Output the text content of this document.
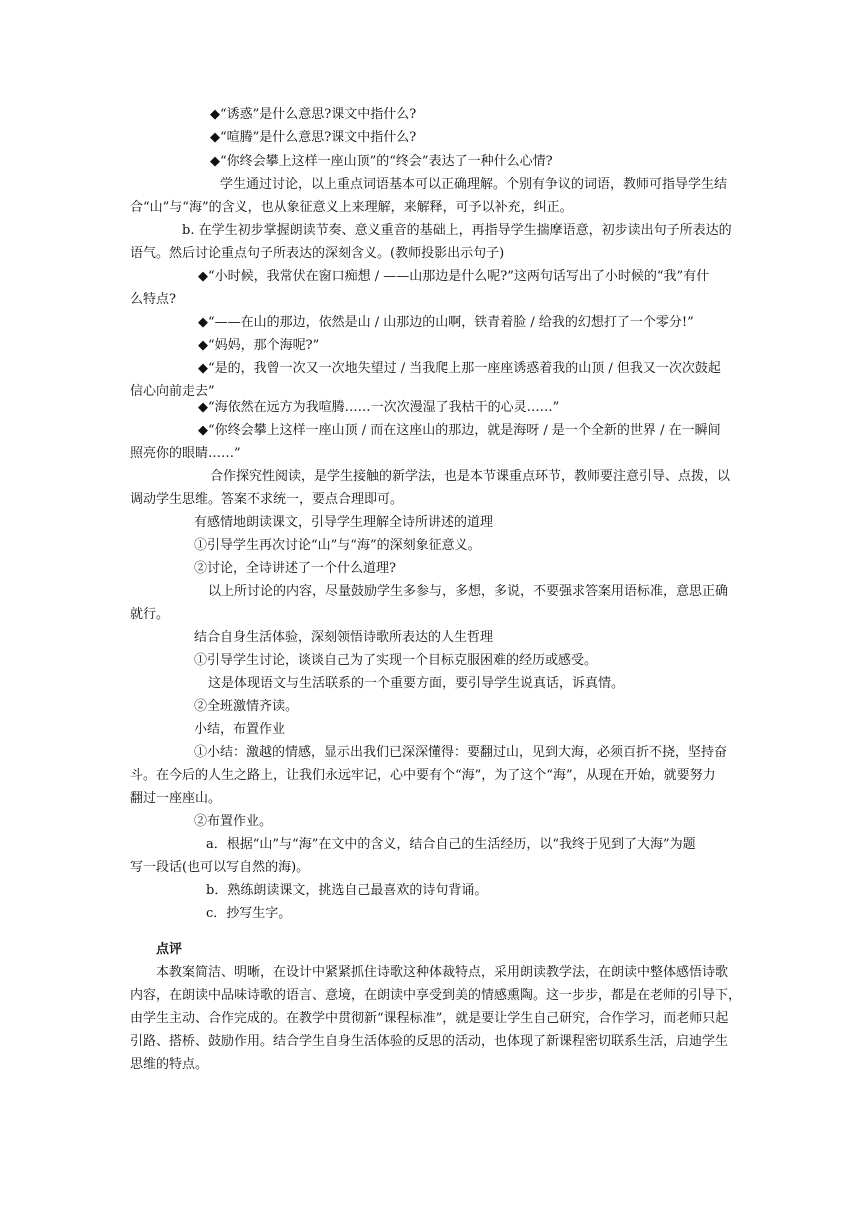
◆“诱惑”是什么意思?课文中指什么?
◆“喧腾”是什么意思?课文中指什么?
◆“你终会攀上这样一座山顶”的“终会”表达了一种什么心情?
学生通过讨论，以上重点词语基本可以正确理解。个别有争议的词语，教师可指导学生结
合“山”与“海”的含义，也从象征意义上来理解，来解释，可予以补充，纠正。
b. 在学生初步掌握朗读节奏、意义重音的基础上，再指导学生揣摩语意，初步读出句子所表达的
语气。然后讨论重点句子所表达的深刻含义。(教师投影出示句子)
◆“小时候，我常伏在窗口痴想 / ——山那边是什么呢?”这两句话写出了小时候的“我”有什
么特点?
◆“——在山的那边，依然是山 / 山那边的山啊，铁青着脸 / 给我的幻想打了一个零分!”
◆“妈妈，那个海呢?”
◆“是的，我曾一次又一次地失望过 / 当我爬上那一座座诱惑着我的山顶 / 但我又一次次鼓起
信心向前走去”
◆“海依然在远方为我喧腾……一次次漫湿了我枯干的心灵……”
◆“你终会攀上这样一座山顶 / 而在这座山的那边，就是海呀 / 是一个全新的世界 / 在一瞬间
照亮你的眼睛……”
合作探究性阅读，是学生接触的新学法，也是本节课重点环节，教师要注意引导、点拨，以
调动学生思维。答案不求统一，要点合理即可。
有感情地朗读课文，引导学生理解全诗所讲述的道理
①引导学生再次讨论“山”与“海”的深刻象征意义。
②讨论，全诗讲述了一个什么道理?
以上所讨论的内容，尽量鼓励学生多参与，多想，多说，不要强求答案用语标准，意思正确
就行。
结合自身生活体验，深刻领悟诗歌所表达的人生哲理
①引导学生讨论，谈谈自己为了实现一个目标克服困难的经历或感受。
这是体现语文与生活联系的一个重要方面，要引导学生说真话，诉真情。
②全班激情齐读。
小结，布置作业
①小结：激越的情感，显示出我们已深深懂得：要翻过山，见到大海，必须百折不挠，坚持奋
斗。在今后的人生之路上，让我们永远牢记，心中要有个“海”，为了这个“海”，从现在开始，就要努力
翻过一座座山。
②布置作业。
a．根据“山”与“海”在文中的含义，结合自己的生活经历，以“我终于见到了大海”为题
写一段话(也可以写自然的海)。
b．熟练朗读课文，挑选自己最喜欢的诗句背诵。
c．抄写生字。
点评
本教案简洁、明晰，在设计中紧紧抓住诗歌这种体裁特点，采用朗读教学法，在朗读中整体感悟诗歌
内容，在朗读中品味诗歌的语言、意境，在朗读中享受到美的情感熏陶。这一步步，都是在老师的引导下，
由学生主动、合作完成的。在教学中贯彻新“课程标准”，就是要让学生自己研究，合作学习，而老师只起
引路、搭桥、鼓励作用。结合学生自身生活体验的反思的活动，也体现了新课程密切联系生活，启迪学生
思维的特点。
